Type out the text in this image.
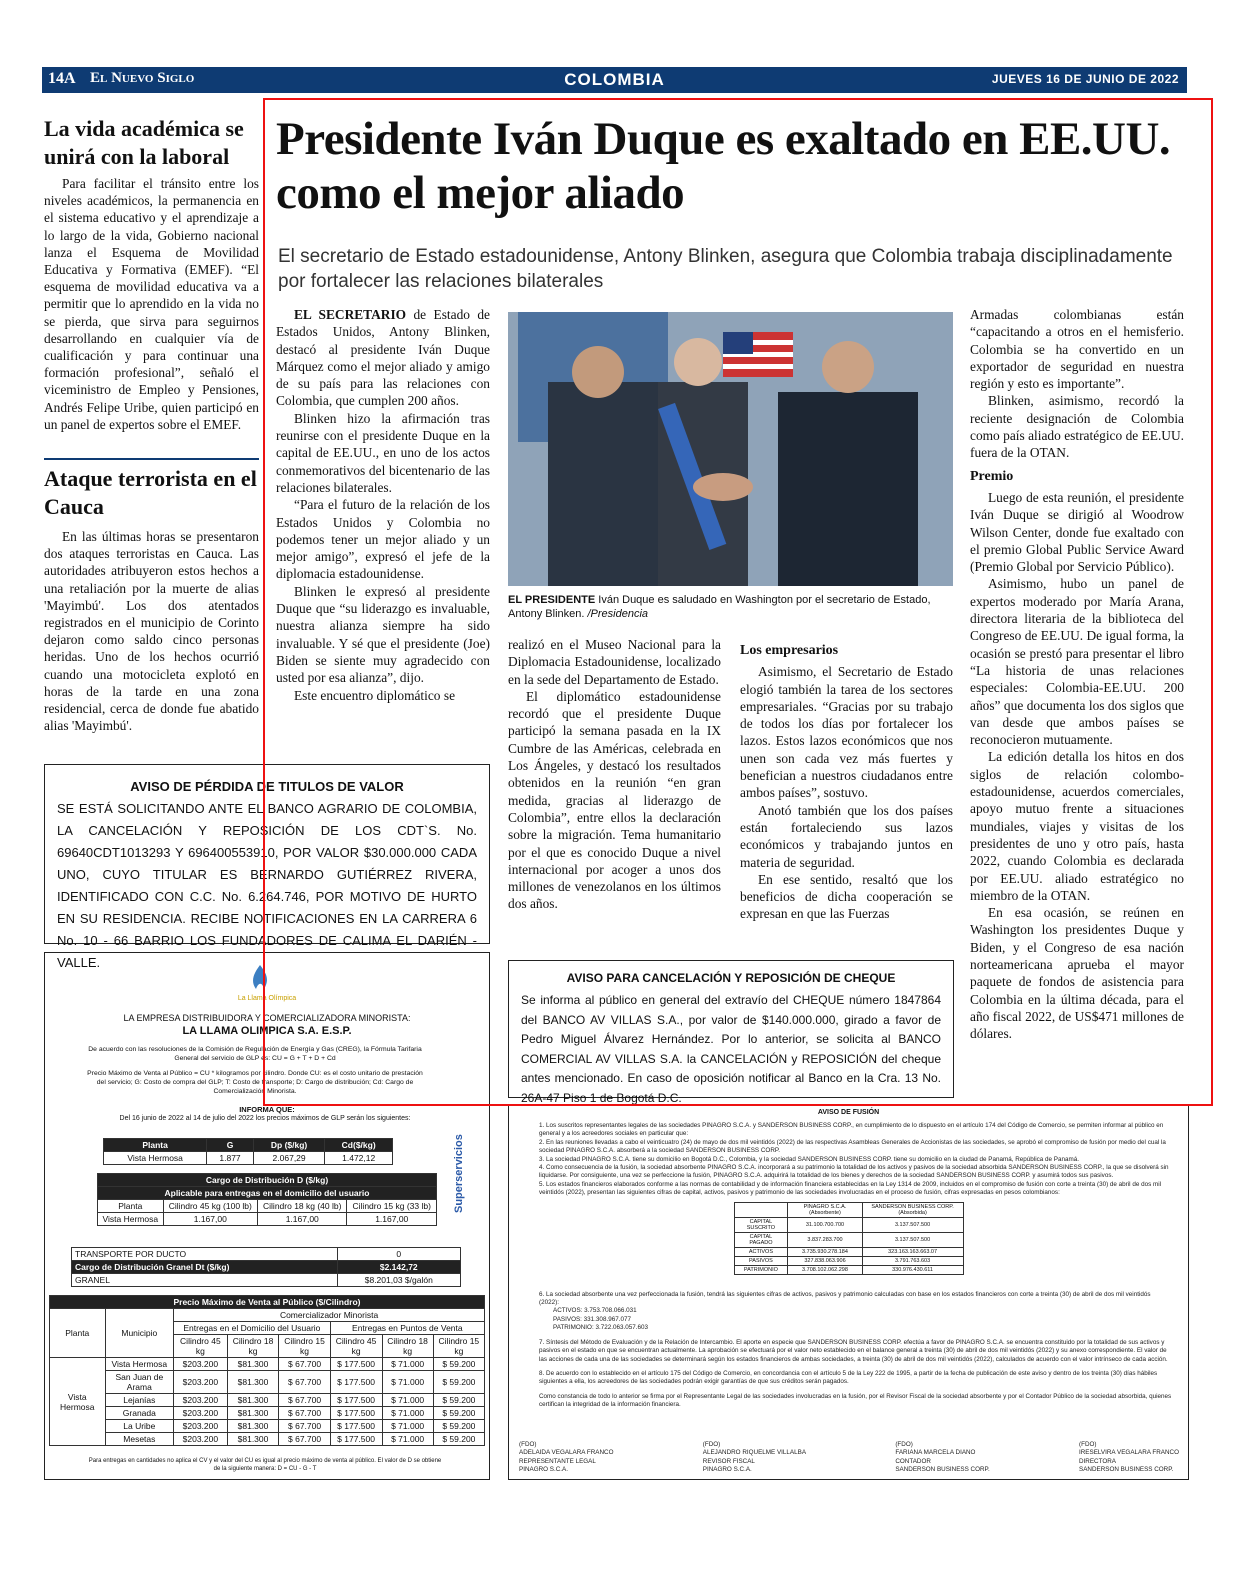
14A El Nuevo Siglo	COLOMBIA	JUEVES 16 DE JUNIO DE 2022
La vida académica se unirá con la laboral

Para facilitar el tránsito entre los niveles académicos, la permanencia en el sistema educativo y el aprendizaje a lo largo de la vida, Gobierno nacional lanza el Esquema de Movilidad Educativa y Formativa (EMEF). “El esquema de movilidad educativa va a permitir que lo aprendido en la vida no se pierda, que sirva para seguirnos desarrollando en cualquier vía de cualificación y para continuar una formación profesional”, señaló el viceministro de Empleo y Pensiones, Andrés Felipe Uribe, quien participó en un panel de expertos sobre el EMEF.

Ataque terrorista en el Cauca

En las últimas horas se presentaron dos ataques terroristas en Cauca. Las autoridades atribuyeron estos hechos a una retaliación por la muerte de alias 'Mayimbú'. Los dos atentados registrados en el municipio de Corinto dejaron como saldo cinco personas heridas. Uno de los hechos ocurrió cuando una motocicleta explotó en horas de la tarde en una zona residencial, cerca de donde fue abatido alias 'Mayimbú'.

Presidente Iván Duque es exaltado en EE.UU. como el mejor aliado
El secretario de Estado estadounidense, Antony Blinken, asegura que Colombia trabaja disciplinadamente por fortalecer las relaciones bilaterales

EL SECRETARIO de Estado de Estados Unidos, Antony Blinken, destacó al presidente Iván Duque Márquez como el mejor aliado y amigo de su país para las relaciones con Colombia, que cumplen 200 años.

Blinken hizo la afirmación tras reunirse con el presidente Duque en la capital de EE.UU., en uno de los actos conmemorativos del bicentenario de las relaciones bilaterales.

“Para el futuro de la relación de los Estados Unidos y Colombia no podemos tener un mejor aliado y un mejor amigo”, expresó el jefe de la diplomacia estadounidense.

Blinken le expresó al presidente Duque que “su liderazgo es invaluable, nuestra alianza siempre ha sido invaluable. Y sé que el presidente (Joe) Biden se siente muy agradecido con usted por esa alianza”, dijo.

Este encuentro diplomático se

EL PRESIDENTE Iván Duque es saludado en Washington por el secretario de Estado, Antony Blinken. /Presidencia

realizó en el Museo Nacional para la Diplomacia Estadounidense, localizado en la sede del Departamento de Estado.

El diplomático estadounidense recordó que el presidente Duque participó la semana pasada en la IX Cumbre de las Américas, celebrada en Los Ángeles, y destacó los resultados obtenidos en la reunión “en gran medida, gracias al liderazgo de Colombia”, entre ellos la declaración sobre la migración. Tema humanitario por el que es conocido Duque a nivel internacional por acoger a unos dos millones de venezolanos en los últimos dos años.

Los empresarios

Asimismo, el Secretario de Estado elogió también la tarea de los sectores empresariales. “Gracias por su trabajo de todos los días por fortalecer los lazos. Estos lazos económicos que nos unen son cada vez más fuertes y benefician a nuestros ciudadanos entre ambos países”, sostuvo.

Anotó también que los dos países están fortaleciendo sus lazos económicos y trabajando juntos en materia de seguridad.

En ese sentido, resaltó que los beneficios de dicha cooperación se expresan en que las Fuerzas

Armadas colombianas están “capacitando a otros en el hemisferio. Colombia se ha convertido en un exportador de seguridad en nuestra región y esto es importante”.

Blinken, asimismo, recordó la reciente designación de Colombia como país aliado estratégico de EE.UU. fuera de la OTAN.

Premio

Luego de esta reunión, el presidente Iván Duque se dirigió al Woodrow Wilson Center, donde fue exaltado con el premio Global Public Service Award (Premio Global por Servicio Público).

Asimismo, hubo un panel de expertos moderado por María Arana, directora literaria de la biblioteca del Congreso de EE.UU. De igual forma, la ocasión se prestó para presentar el libro “La historia de unas relaciones especiales: Colombia-EE.UU. 200 años” que documenta los dos siglos que van desde que ambos países se reconocieron mutuamente.

La edición detalla los hitos en dos siglos de relación colombo-estadounidense, acuerdos comerciales, apoyo mutuo frente a situaciones mundiales, viajes y visitas de los presidentes de uno y otro país, hasta 2022, cuando Colombia es declarada por EE.UU. aliado estratégico no miembro de la OTAN.

En esa ocasión, se reúnen en Washington los presidentes Duque y Biden, y el Congreso de esa nación norteamericana aprueba el mayor paquete de fondos de asistencia para Colombia en la última década, para el año fiscal 2022, de US$471 millones de dólares.

AVISO DE PÉRDIDA DE TITULOS DE VALOR
SE ESTÁ SOLICITANDO ANTE EL BANCO AGRARIO DE COLOMBIA, LA CANCELACIÓN Y REPOSICIÓN DE LOS CDT`S. No. 69640CDT1013293 Y 696400553910, POR VALOR $30.000.000 CADA UNO, CUYO TITULAR ES BERNARDO GUTIÉRREZ RIVERA, IDENTIFICADO CON C.C. No. 6.264.746, POR MOTIVO DE HURTO EN SU RESIDENCIA. RECIBE NOTIFICACIONES EN LA CARRERA 6 No. 10 - 66 BARRIO LOS FUNDADORES DE CALIMA EL DARIÉN - VALLE.
AVISO PARA CANCELACIÓN Y REPOSICIÓN DE CHEQUE
Se informa al público en general del extravío del CHEQUE número 1847864 del BANCO AV VILLAS S.A., por valor de $140.000.000, girado a favor de Pedro Miguel Álvarez Hernández. Por lo anterior, se solicita al BANCO COMERCIAL AV VILLAS S.A. la CANCELACIÓN y REPOSICIÓN del cheque antes mencionado. En caso de oposición notificar al Banco en la Cra. 13 No. 26A-47 Piso 1 de Bogotá D.C.
La Llama Olímpica
LA EMPRESA DISTRIBUIDORA Y COMERCIALIZADORA MINORISTA:
LA LLAMA OLIMPICA S.A. E.S.P.
De acuerdo con las resoluciones de la Comisión de Regulación de Energía y Gas (CREG), la Fórmula Tarifaria General del servicio de GLP es: CU = G + T + D + Cd
Precio Máximo de Venta al Público = CU * kilogramos por cilindro. Donde CU: es el costo unitario de prestación del servicio; G: Costo de compra del GLP; T: Costo de transporte; D: Cargo de distribución; Cd: Cargo de Comercialización Minorista.
INFORMA QUE:
Del 16 junio de 2022 al 14 de julio del 2022 los precios máximos de GLP serán los siguientes:
Superservicios
Planta	G	Dp ($/kg)	Cd($/kg)
Vista Hermosa	1.877	2.067,29	1.472,12
Cargo de Distribución D ($/kg)			
Aplicable para entregas en el domicilio del usuario			
Planta	Cilindro 45 kg (100 lb)	Cilindro 18 kg (40 lb)	Cilindro 15 kg (33 lb)
Vista Hermosa	1.167,00	1.167,00	1.167,00
TRANSPORTE POR DUCTO	0
Cargo de Distribución Granel Dt ($/kg)	$2.142,72
GRANEL	$8.201,03 $/galón
Precio Máximo de Venta al Público ($/Cilindro)							
Planta	Municipio	Comercializador Minorista					
		Entregas en el Domicilio del Usuario			Entregas en Puntos de Venta		
		Cilindro 45 kg	Cilindro 18 kg	Cilindro 15 kg	Cilindro 45 kg	Cilindro 18 kg	Cilindro 15 kg
Vista Hermosa	Vista Hermosa	$203.200	$81.300	$ 67.700	$ 177.500	$ 71.000	$ 59.200
	San Juan de Arama	$203.200	$81.300	$ 67.700	$ 177.500	$ 71.000	$ 59.200
	Lejanías	$203.200	$81.300	$ 67.700	$ 177.500	$ 71.000	$ 59.200
	Granada	$203.200	$81.300	$ 67.700	$ 177.500	$ 71.000	$ 59.200
	La Uribe	$203.200	$81.300	$ 67.700	$ 177.500	$ 71.000	$ 59.200
	Mesetas	$203.200	$81.300	$ 67.700	$ 177.500	$ 71.000	$ 59.200
Para entregas en cantidades no aplica el CV y el valor del CU es igual al precio máximo de venta al público. El valor de D se obtiene de la siguiente manera: D = CU - G - T
AVISO DE FUSIÓN
1. Los suscritos representantes legales de las sociedades PINAGRO S.C.A. y SANDERSON BUSINESS CORP., en cumplimiento de lo dispuesto en el artículo 174 del Código de Comercio, se permiten informar al público en general y a los acreedores sociales en particular que:
2. En las reuniones llevadas a cabo el veinticuatro (24) de mayo de dos mil veintidós (2022) de las respectivas Asambleas Generales de Accionistas de las sociedades, se aprobó el compromiso de fusión por medio del cual la sociedad PINAGRO S.C.A. absorberá a la sociedad SANDERSON BUSINESS CORP.
3. La sociedad PINAGRO S.C.A. tiene su domicilio en Bogotá D.C., Colombia, y la sociedad SANDERSON BUSINESS CORP. tiene su domicilio en la ciudad de Panamá, República de Panamá.
4. Como consecuencia de la fusión, la sociedad absorbente PINAGRO S.C.A. incorporará a su patrimonio la totalidad de los activos y pasivos de la sociedad absorbida SANDERSON BUSINESS CORP., la que se disolverá sin liquidarse. Por consiguiente, una vez se perfeccione la fusión, PINAGRO S.C.A. adquirirá la totalidad de los bienes y derechos de la sociedad SANDERSON BUSINESS CORP. y asumirá todos sus pasivos.
5. Los estados financieros elaborados conforme a las normas de contabilidad y de información financiera establecidas en la Ley 1314 de 2009, incluidos en el compromiso de fusión con corte a treinta (30) de abril de dos mil veintidós (2022), presentan las siguientes cifras de capital, activos, pasivos y patrimonio de las sociedades involucradas en el proceso de fusión, cifras expresadas en pesos colombianos:
	PINAGRO S.C.A. (Absorbente)	SANDERSON BUSINESS CORP. (Absorbida)
CAPITAL SUSCRITO	31.100.700.700	3.137.507.500
CAPITAL PAGADO	3.837.283.700	3.137.507.500
ACTIVOS	3.735.930.278.184	323.163.163.663.07
PASIVOS	327.838.063.906	3.791.763.603
PATRIMONIO	3.708.102.062.298	330.976.430.611
6. La sociedad absorbente una vez perfeccionada la fusión, tendrá las siguientes cifras de activos, pasivos y patrimonio calculadas con base en los estados financieros con corte a treinta (30) de abril de dos mil veintidós (2022):
ACTIVOS: 3.753.708.066.031
PASIVOS: 331.308.967.077
PATRIMONIO: 3.722.063.057.603
7. Síntesis del Método de Evaluación y de la Relación de Intercambio. El aporte en especie que SANDERSON BUSINESS CORP. efectúa a favor de PINAGRO S.C.A. se encuentra constituido por la totalidad de sus activos y pasivos en el estado en que se encuentran actualmente. La aprobación se efectuará por el valor neto establecido en el balance general a treinta (30) de abril de dos mil veintidós (2022) y su anexo correspondiente. El valor de las acciones de cada una de las sociedades se determinará según los estados financieros de ambas sociedades, a treinta (30) de abril de dos mil veintidós (2022), calculados de acuerdo con el valor intrínseco de cada acción.
8. De acuerdo con lo establecido en el artículo 175 del Código de Comercio, en concordancia con el artículo 5 de la Ley 222 de 1995, a partir de la fecha de publicación de este aviso y dentro de los treinta (30) días hábiles siguientes a ella, los acreedores de las sociedades podrán exigir garantías de que sus créditos serán pagados.
Como constancia de todo lo anterior se firma por el Representante Legal de las sociedades involucradas en la fusión, por el Revisor Fiscal de la sociedad absorbente y por el Contador Público de la sociedad absorbida, quienes certifican la integridad de la información financiera.
(FDO)
ADELAIDA VEGALARA FRANCO
REPRESENTANTE LEGAL
PINAGRO S.C.A.
(FDO)
ALEJANDRO RIQUELME VILLALBA
REVISOR FISCAL
PINAGRO S.C.A.
(FDO)
FARIANA MARCELA DIANO
CONTADOR
SANDERSON BUSINESS CORP.
(FDO)
IRESELVIRA VEGALARA FRANCO
DIRECTORA
SANDERSON BUSINESS CORP.
